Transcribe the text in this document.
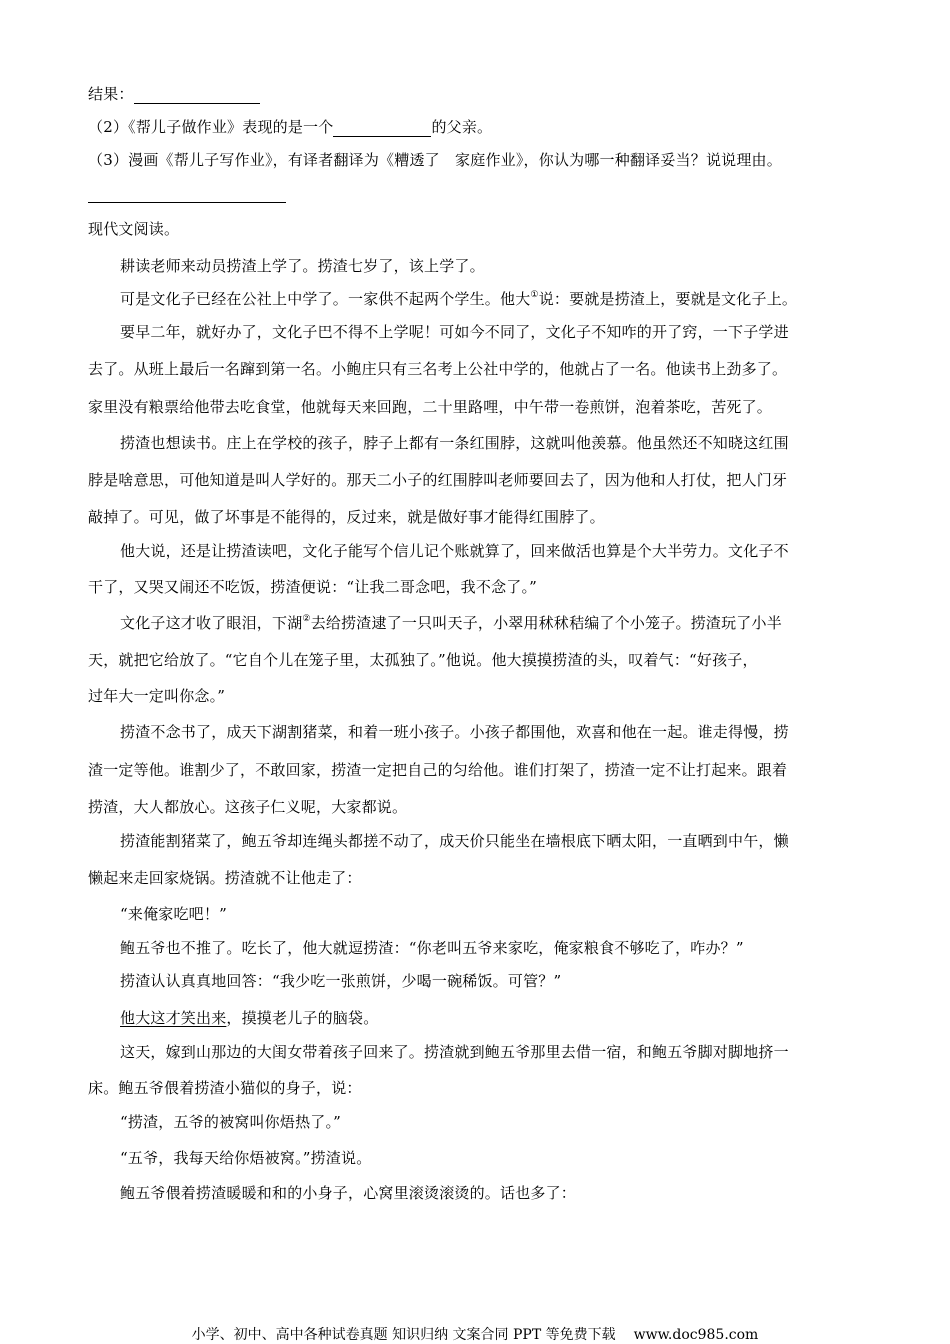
结果：
（2）《帮儿子做作业》表现的是一个	的父亲。
（3）漫画《帮儿子写作业》，有译者翻译为《糟透了　家庭作业》，你认为哪一种翻译妥当？说说理由。
现代文阅读。
耕读老师来动员捞渣上学了。捞渣七岁了，该上学了。
可是文化子已经在公社上中学了。一家供不起两个学生。他大①说：要就是捞渣上，要就是文化子上。
要早二年，就好办了，文化子巴不得不上学呢！可如今不同了，文化子不知咋的开了窍，一下子学进
去了。从班上最后一名蹿到第一名。小鲍庄只有三名考上公社中学的，他就占了一名。他读书上劲多了。
家里没有粮票给他带去吃食堂，他就每天来回跑，二十里路哩，中午带一卷煎饼，泡着茶吃，苦死了。
捞渣也想读书。庄上在学校的孩子，脖子上都有一条红围脖，这就叫他羡慕。他虽然还不知晓这红围
脖是啥意思，可他知道是叫人学好的。那天二小子的红围脖叫老师要回去了，因为他和人打仗，把人门牙
敲掉了。可见，做了坏事是不能得的，反过来，就是做好事才能得红围脖了。
他大说，还是让捞渣读吧，文化子能写个信儿记个账就算了，回来做活也算是个大半劳力。文化子不
干了，又哭又闹还不吃饭，捞渣便说：“让我二哥念吧，我不念了。”
文化子这才收了眼泪，下湖②去给捞渣逮了一只叫天子，小翠用秫秫秸编了个小笼子。捞渣玩了小半
天，就把它给放了。“它自个儿在笼子里，太孤独了。”他说。他大摸摸捞渣的头，叹着气：“好孩子，
过年大一定叫你念。”
捞渣不念书了，成天下湖割猪菜，和着一班小孩子。小孩子都围他，欢喜和他在一起。谁走得慢，捞
渣一定等他。谁割少了，不敢回家，捞渣一定把自己的匀给他。谁们打架了，捞渣一定不让打起来。跟着
捞渣，大人都放心。这孩子仁义呢，大家都说。
捞渣能割猪菜了，鲍五爷却连绳头都搓不动了，成天价只能坐在墙根底下晒太阳，一直晒到中午，懒
懒起来走回家烧锅。捞渣就不让他走了：
“来俺家吃吧！”
鲍五爷也不推了。吃长了，他大就逗捞渣：“你老叫五爷来家吃，俺家粮食不够吃了，咋办？”
捞渣认认真真地回答：“我少吃一张煎饼，少喝一碗稀饭。可管？”
他大这才笑出来，摸摸老儿子的脑袋。
这天，嫁到山那边的大闺女带着孩子回来了。捞渣就到鲍五爷那里去借一宿，和鲍五爷脚对脚地挤一
床。鲍五爷偎着捞渣小猫似的身子，说：
“捞渣，五爷的被窝叫你焐热了。”
“五爷，我每天给你焐被窝。”捞渣说。
鲍五爷偎着捞渣暖暖和和的小身子，心窝里滚烫滚烫的。话也多了：
小学、初中、高中各种试卷真题 知识归纳 文案合同 PPT 等免费下载 www.doc985.com
